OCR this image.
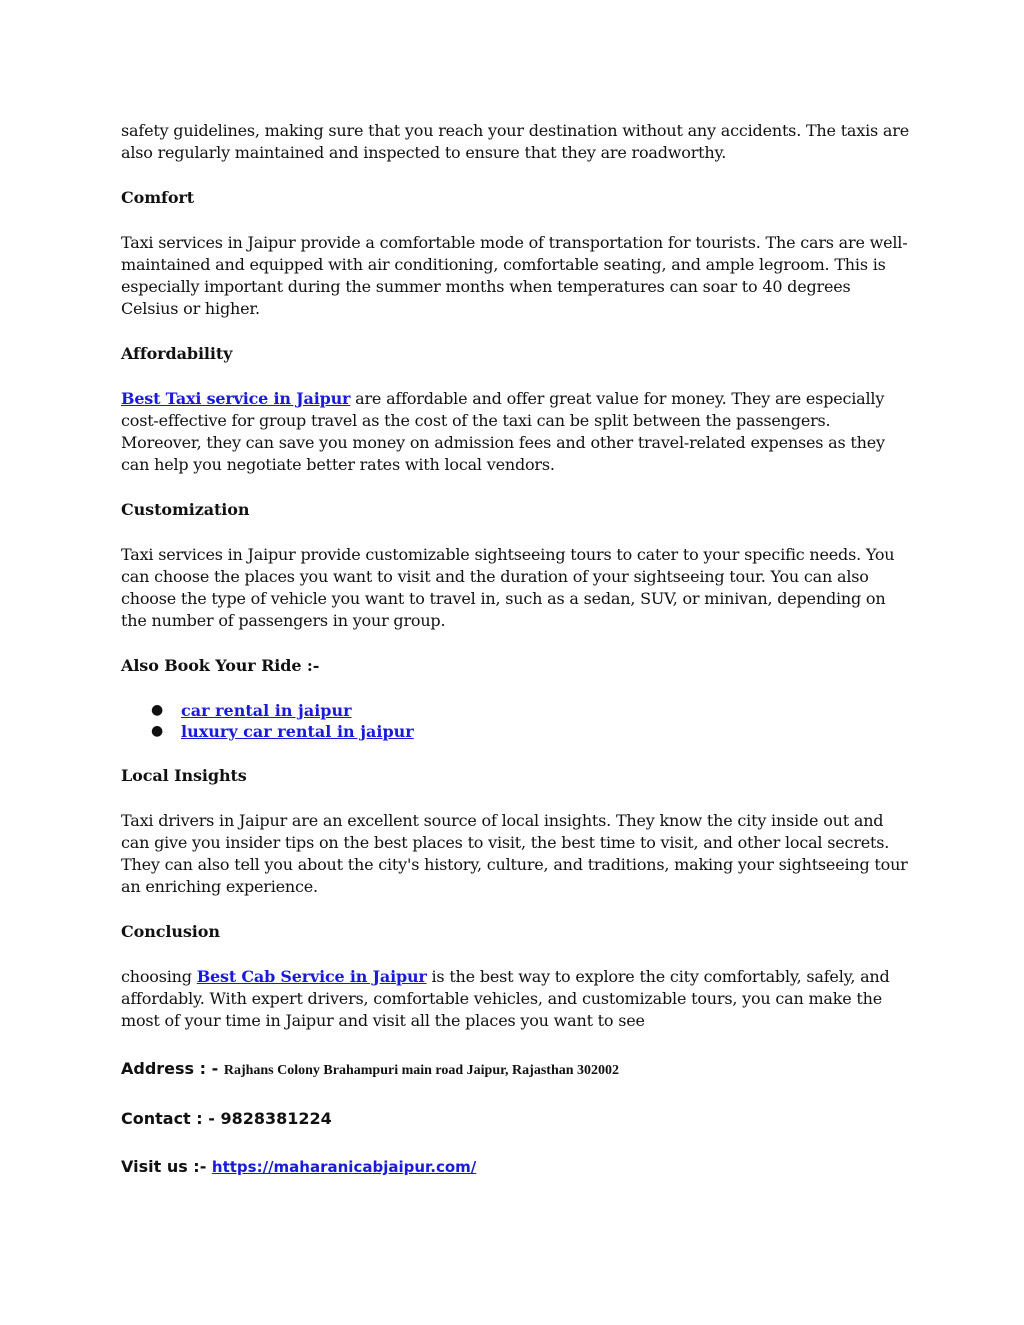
safety guidelines, making sure that you reach your destination without any accidents. The taxis are also regularly maintained and inspected to ensure that they are roadworthy.

Comfort

Taxi services in Jaipur provide a comfortable mode of transportation for tourists. The cars are well-maintained and equipped with air conditioning, comfortable seating, and ample legroom. This is especially important during the summer months when temperatures can soar to 40 degrees Celsius or higher.

Affordability

Best Taxi service in Jaipur are affordable and offer great value for money. They are especially cost-effective for group travel as the cost of the taxi can be split between the passengers. Moreover, they can save you money on admission fees and other travel-related expenses as they can help you negotiate better rates with local vendors.

Customization

Taxi services in Jaipur provide customizable sightseeing tours to cater to your specific needs. You can choose the places you want to visit and the duration of your sightseeing tour. You can also choose the type of vehicle you want to travel in, such as a sedan, SUV, or minivan, depending on the number of passengers in your group.

Also Book Your Ride :-

● car rental in jaipur
● luxury car rental in jaipur

Local Insights

Taxi drivers in Jaipur are an excellent source of local insights. They know the city inside out and can give you insider tips on the best places to visit, the best time to visit, and other local secrets. They can also tell you about the city's history, culture, and traditions, making your sightseeing tour an enriching experience.

Conclusion

choosing Best Cab Service in Jaipur is the best way to explore the city comfortably, safely, and affordably. With expert drivers, comfortable vehicles, and customizable tours, you can make the most of your time in Jaipur and visit all the places you want to see

Address : - Rajhans Colony Brahampuri main road Jaipur, Rajasthan 302002
Contact : - 9828381224
Visit us :- https://maharanicabjaipur.com/
